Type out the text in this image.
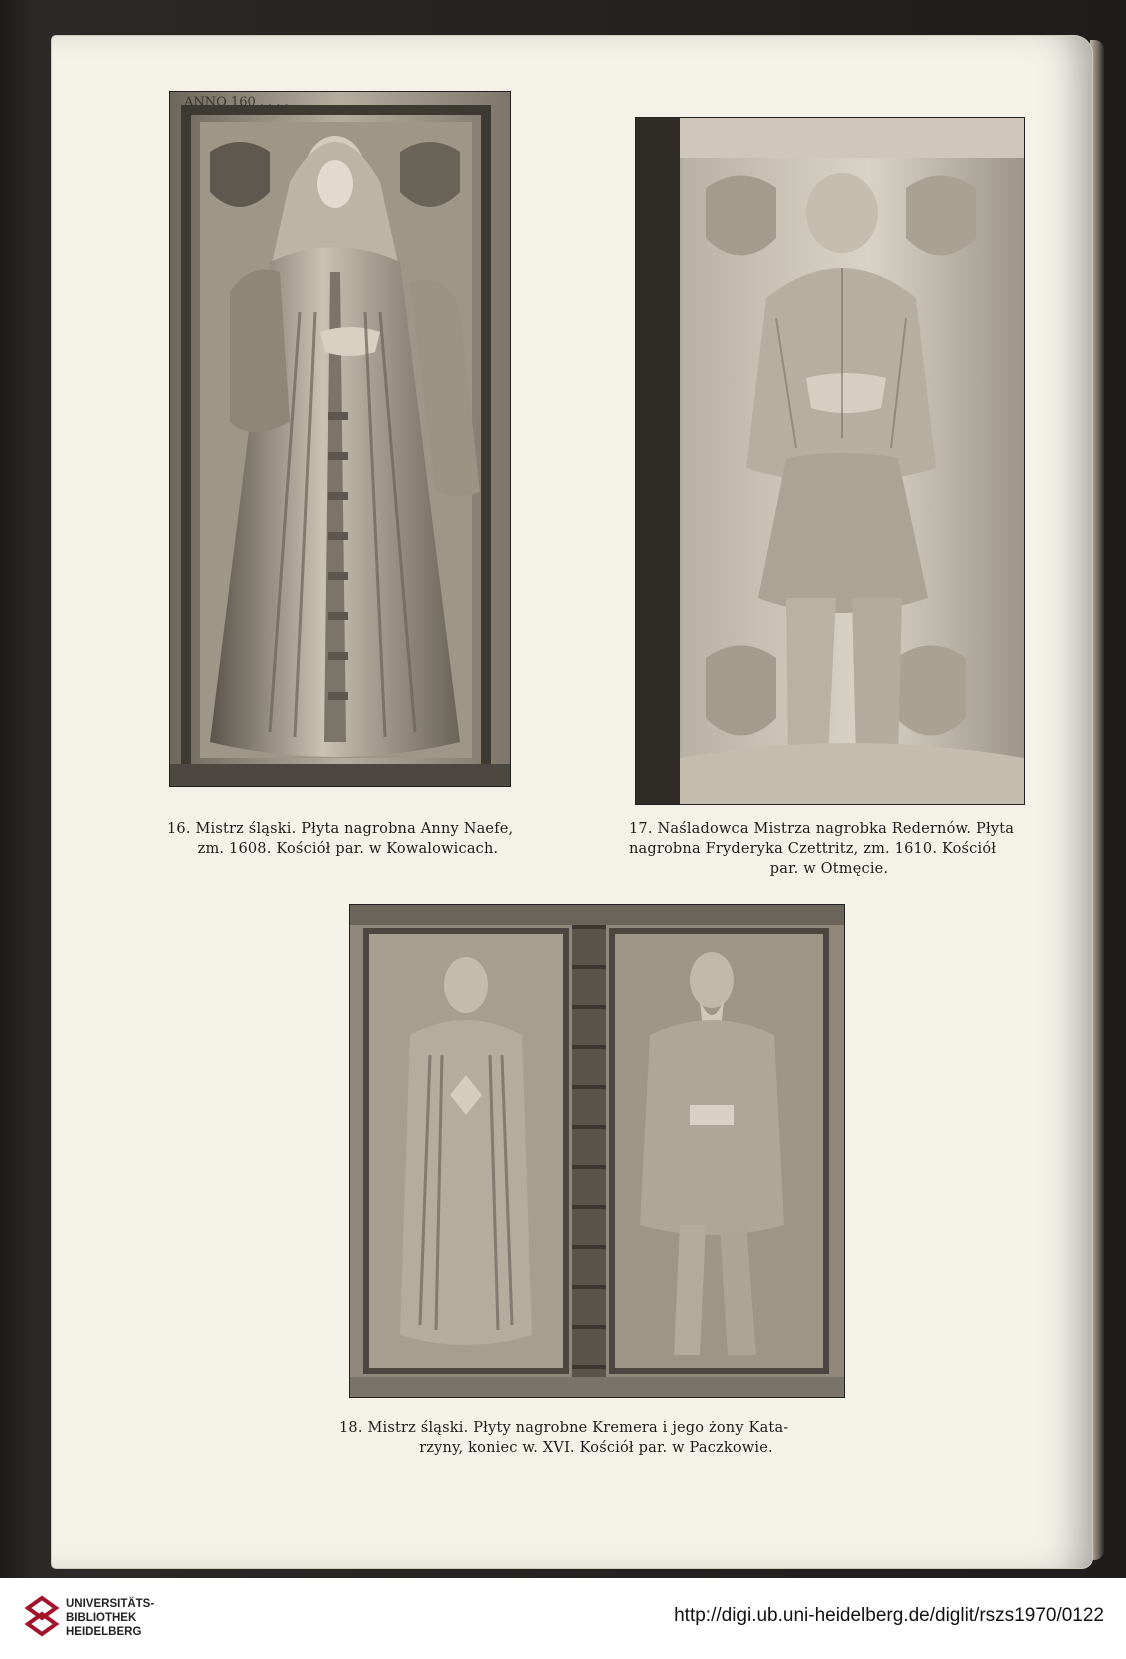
ANNO 160 . . . .

16. Mistrz śląski. Płyta nagrobna Anny Naefe,
zm. 1608. Kościół par. w Kowalowicach.

17. Naśladowca Mistrza nagrobka Redernów. Płyta
nagrobna Fryderyka Czettritz, zm. 1610. Kościół
par. w Otmęcie.

18. Mistrz śląski. Płyty nagrobne Kremera i jego żony Kata-
rzyny, koniec w. XVI. Kościół par. w Paczkowie.

UNIVERSITÄTS-
BIBLIOTHEK
HEIDELBERG
http://digi.ub.uni-heidelberg.de/diglit/rszs1970/0122
